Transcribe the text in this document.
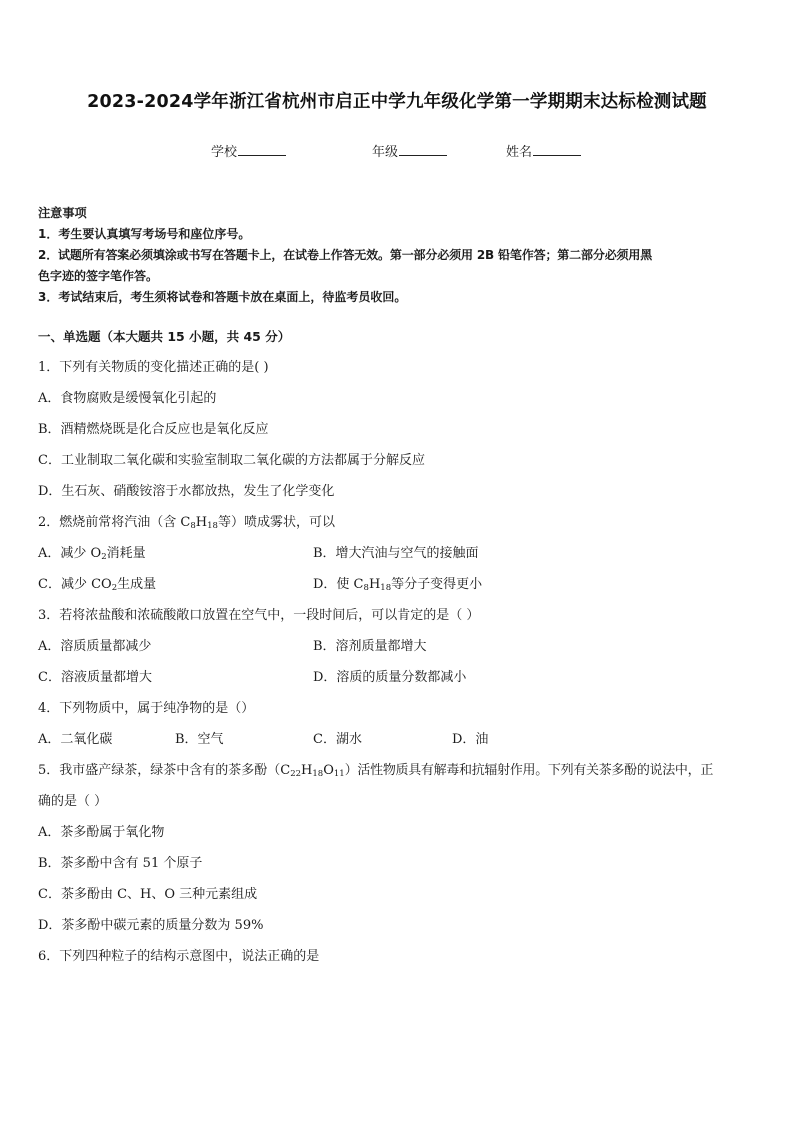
2023-2024学年浙江省杭州市启正中学九年级化学第一学期期末达标检测试题
学校	年级	姓名
注意事项
1．考生要认真填写考场号和座位序号。
2．试题所有答案必须填涂或书写在答题卡上，在试卷上作答无效。第一部分必须用 2B 铅笔作答；第二部分必须用黑
色字迹的签字笔作答。
3．考试结束后，考生须将试卷和答题卡放在桌面上，待监考员收回。
一、单选题（本大题共 15 小题，共 45 分）
1．下列有关物质的变化描述正确的是( )
A．食物腐败是缓慢氧化引起的
B．酒精燃烧既是化合反应也是氧化反应
C．工业制取二氧化碳和实验室制取二氧化碳的方法都属于分解反应
D．生石灰、硝酸铵溶于水都放热，发生了化学变化
2．燃烧前常将汽油（含 $C_8H_{18}$等）喷成雾状，可以
A．减少 $O_2$消耗量	B．增大汽油与空气的接触面
C．减少 $CO_2$生成量	D．使 $C_8H_{18}$等分子变得更小
3．若将浓盐酸和浓硫酸敞口放置在空气中，一段时间后，可以肯定的是（ ）
A．溶质质量都减少	B．溶剂质量都增大
C．溶液质量都增大	D．溶质的质量分数都减小
4．下列物质中，属于纯净物的是（）
A．二氧化碳	B．空气	C．湖水	D．油
5．我市盛产绿茶，绿茶中含有的茶多酚$(C_{22}H_{18}O_{11})$活性物质具有解毒和抗辐射作用。下列有关茶多酚的说法中，正
确的是（ ）
A．茶多酚属于氧化物
B．茶多酚中含有 51 个原子
C．茶多酚由 C、H、O 三种元素组成
D．茶多酚中碳元素的质量分数为 59%
6．下列四种粒子的结构示意图中，说法正确的是
